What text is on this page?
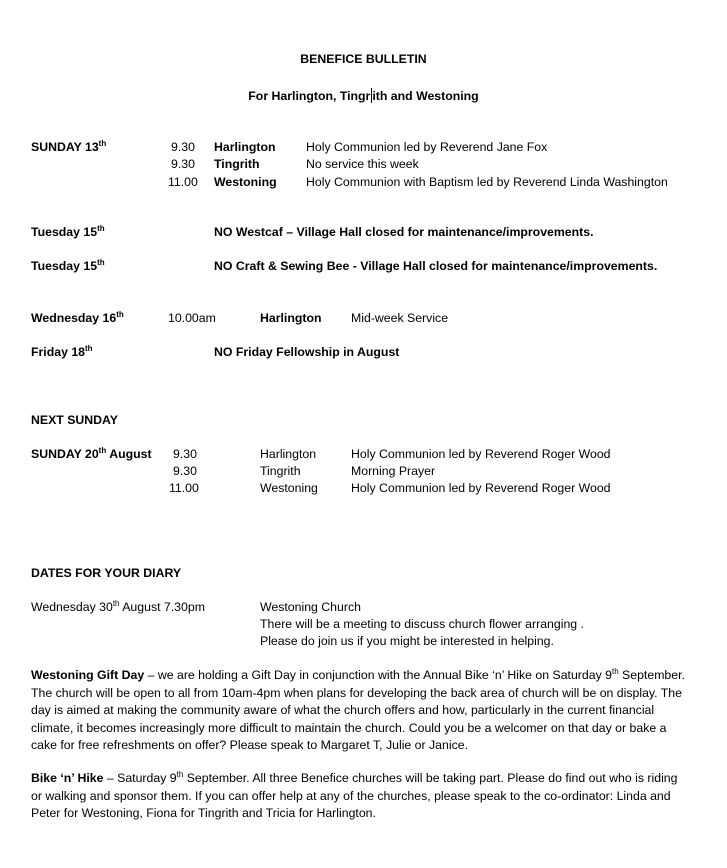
BENEFICE BULLETIN
For Harlington, Tingr ith and Westoning
SUNDAY 13th	9.30 Harlington Holy Communion led by Reverend Jane Fox
9.30 Tingrith	No service this week
11.00 Westoning Holy Communion with Baptism led by Reverend Linda Washington
Tuesday 15th	NO Westcaf – Village Hall closed for maintenance/improvements.
Tuesday 15th	NO Craft & Sewing Bee - Village Hall closed for maintenance/improvements.
Wednesday 16th	10.00am	Harlington Mid-week Service
Friday 18th	NO Friday Fellowship in August
NEXT SUNDAY
SUNDAY 20th August 9.30	Harlington	Holy Communion led by Reverend Roger Wood
9.30	Tingrith	Morning Prayer
11.00	Westoning	Holy Communion led by Reverend Roger Wood
DATES FOR YOUR DIARY
Wednesday 30th August 7.30pm	Westoning Church
There will be a meeting to discuss church flower arranging .
Please do join us if you might be interested in helping.
Westoning Gift Day – we are holding a Gift Day in conjunction with the Annual Bike ‘n’ Hike on Saturday 9th September. The church will be open to all from 10am-4pm when plans for developing the back area of church will be on display. The day is aimed at making the community aware of what the church offers and how, particularly in the current financial climate, it becomes increasingly more difficult to maintain the church. Could you be a welcomer on that day or bake a cake for free refreshments on offer? Please speak to Margaret T, Julie or Janice.
Bike ‘n’ Hike – Saturday 9th September. All three Benefice churches will be taking part. Please do find out who is riding or walking and sponsor them. If you can offer help at any of the churches, please speak to the co-ordinator: Linda and Peter for Westoning, Fiona for Tingrith and Tricia for Harlington.
